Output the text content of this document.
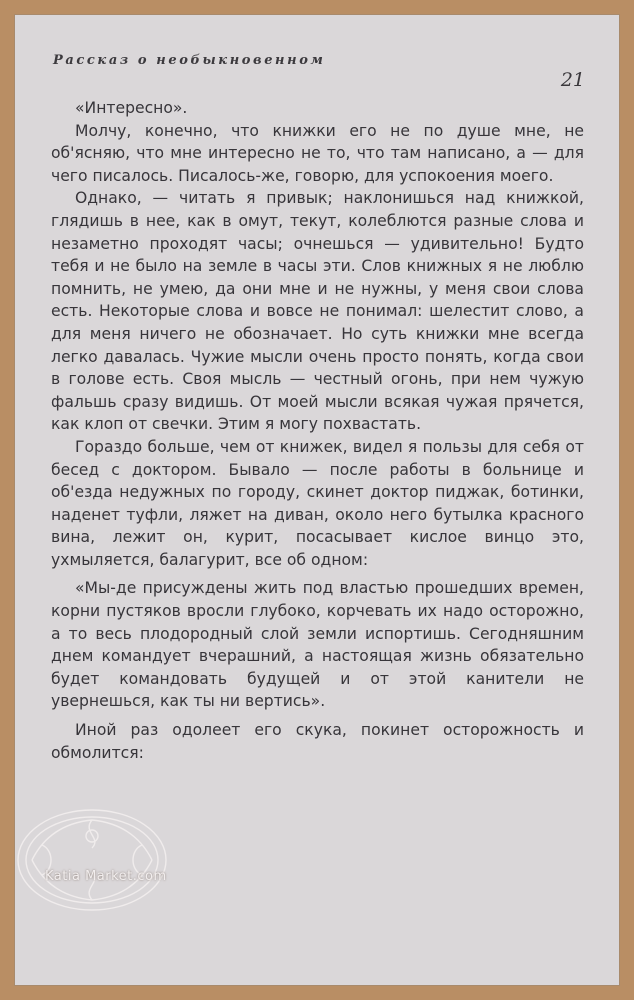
Рассказ о необыкновенном
21

«Интересно».

Молчу, конечно, что книжки его не по душе мне, не об'ясняю, что мне интересно не то, что там написано, а — для чего писалось. Писалось-же, говорю, для успокоения моего.

Однако, — читать я привык; наклонишься над книжкой, глядишь в нее, как в омут, текут, колеблются разные слова и незаметно проходят часы; очнешься — удивительно! Будто тебя и не было на земле в часы эти. Слов книжных я не люблю помнить, не умею, да они мне и не нужны, у меня свои слова есть. Некоторые слова и вовсе не понимал: шелестит слово, а для меня ничего не обозначает. Но суть книжки мне всегда легко давалась. Чужие мысли очень просто понять, когда свои в голове есть. Своя мысль — честный огонь, при нем чужую фальшь сразу видишь. От моей мысли всякая чужая прячется, как клоп от свечки. Этим я могу похвастать.

Гораздо больше, чем от книжек, видел я пользы для себя от бесед с доктором. Бывало — после работы в больнице и об'езда недужных по городу, скинет доктор пиджак, ботинки, наденет туфли, ляжет на диван, около него бутылка красного вина, лежит он, курит, посасывает кислое винцо это, ухмыляется, балагурит, все об одном:

«Мы-де присуждены жить под властью прошедших времен, корни пустяков вросли глубоко, корчевать их надо осторожно, а то весь плодородный слой земли испортишь. Сегодняшним днем командует вчерашний, а настоящая жизнь обязательно будет командовать будущей и от этой канители не увернешься, как ты ни вертись».

Иной раз одолеет его скука, покинет осторожность и обмолится:

Katia Market.com
